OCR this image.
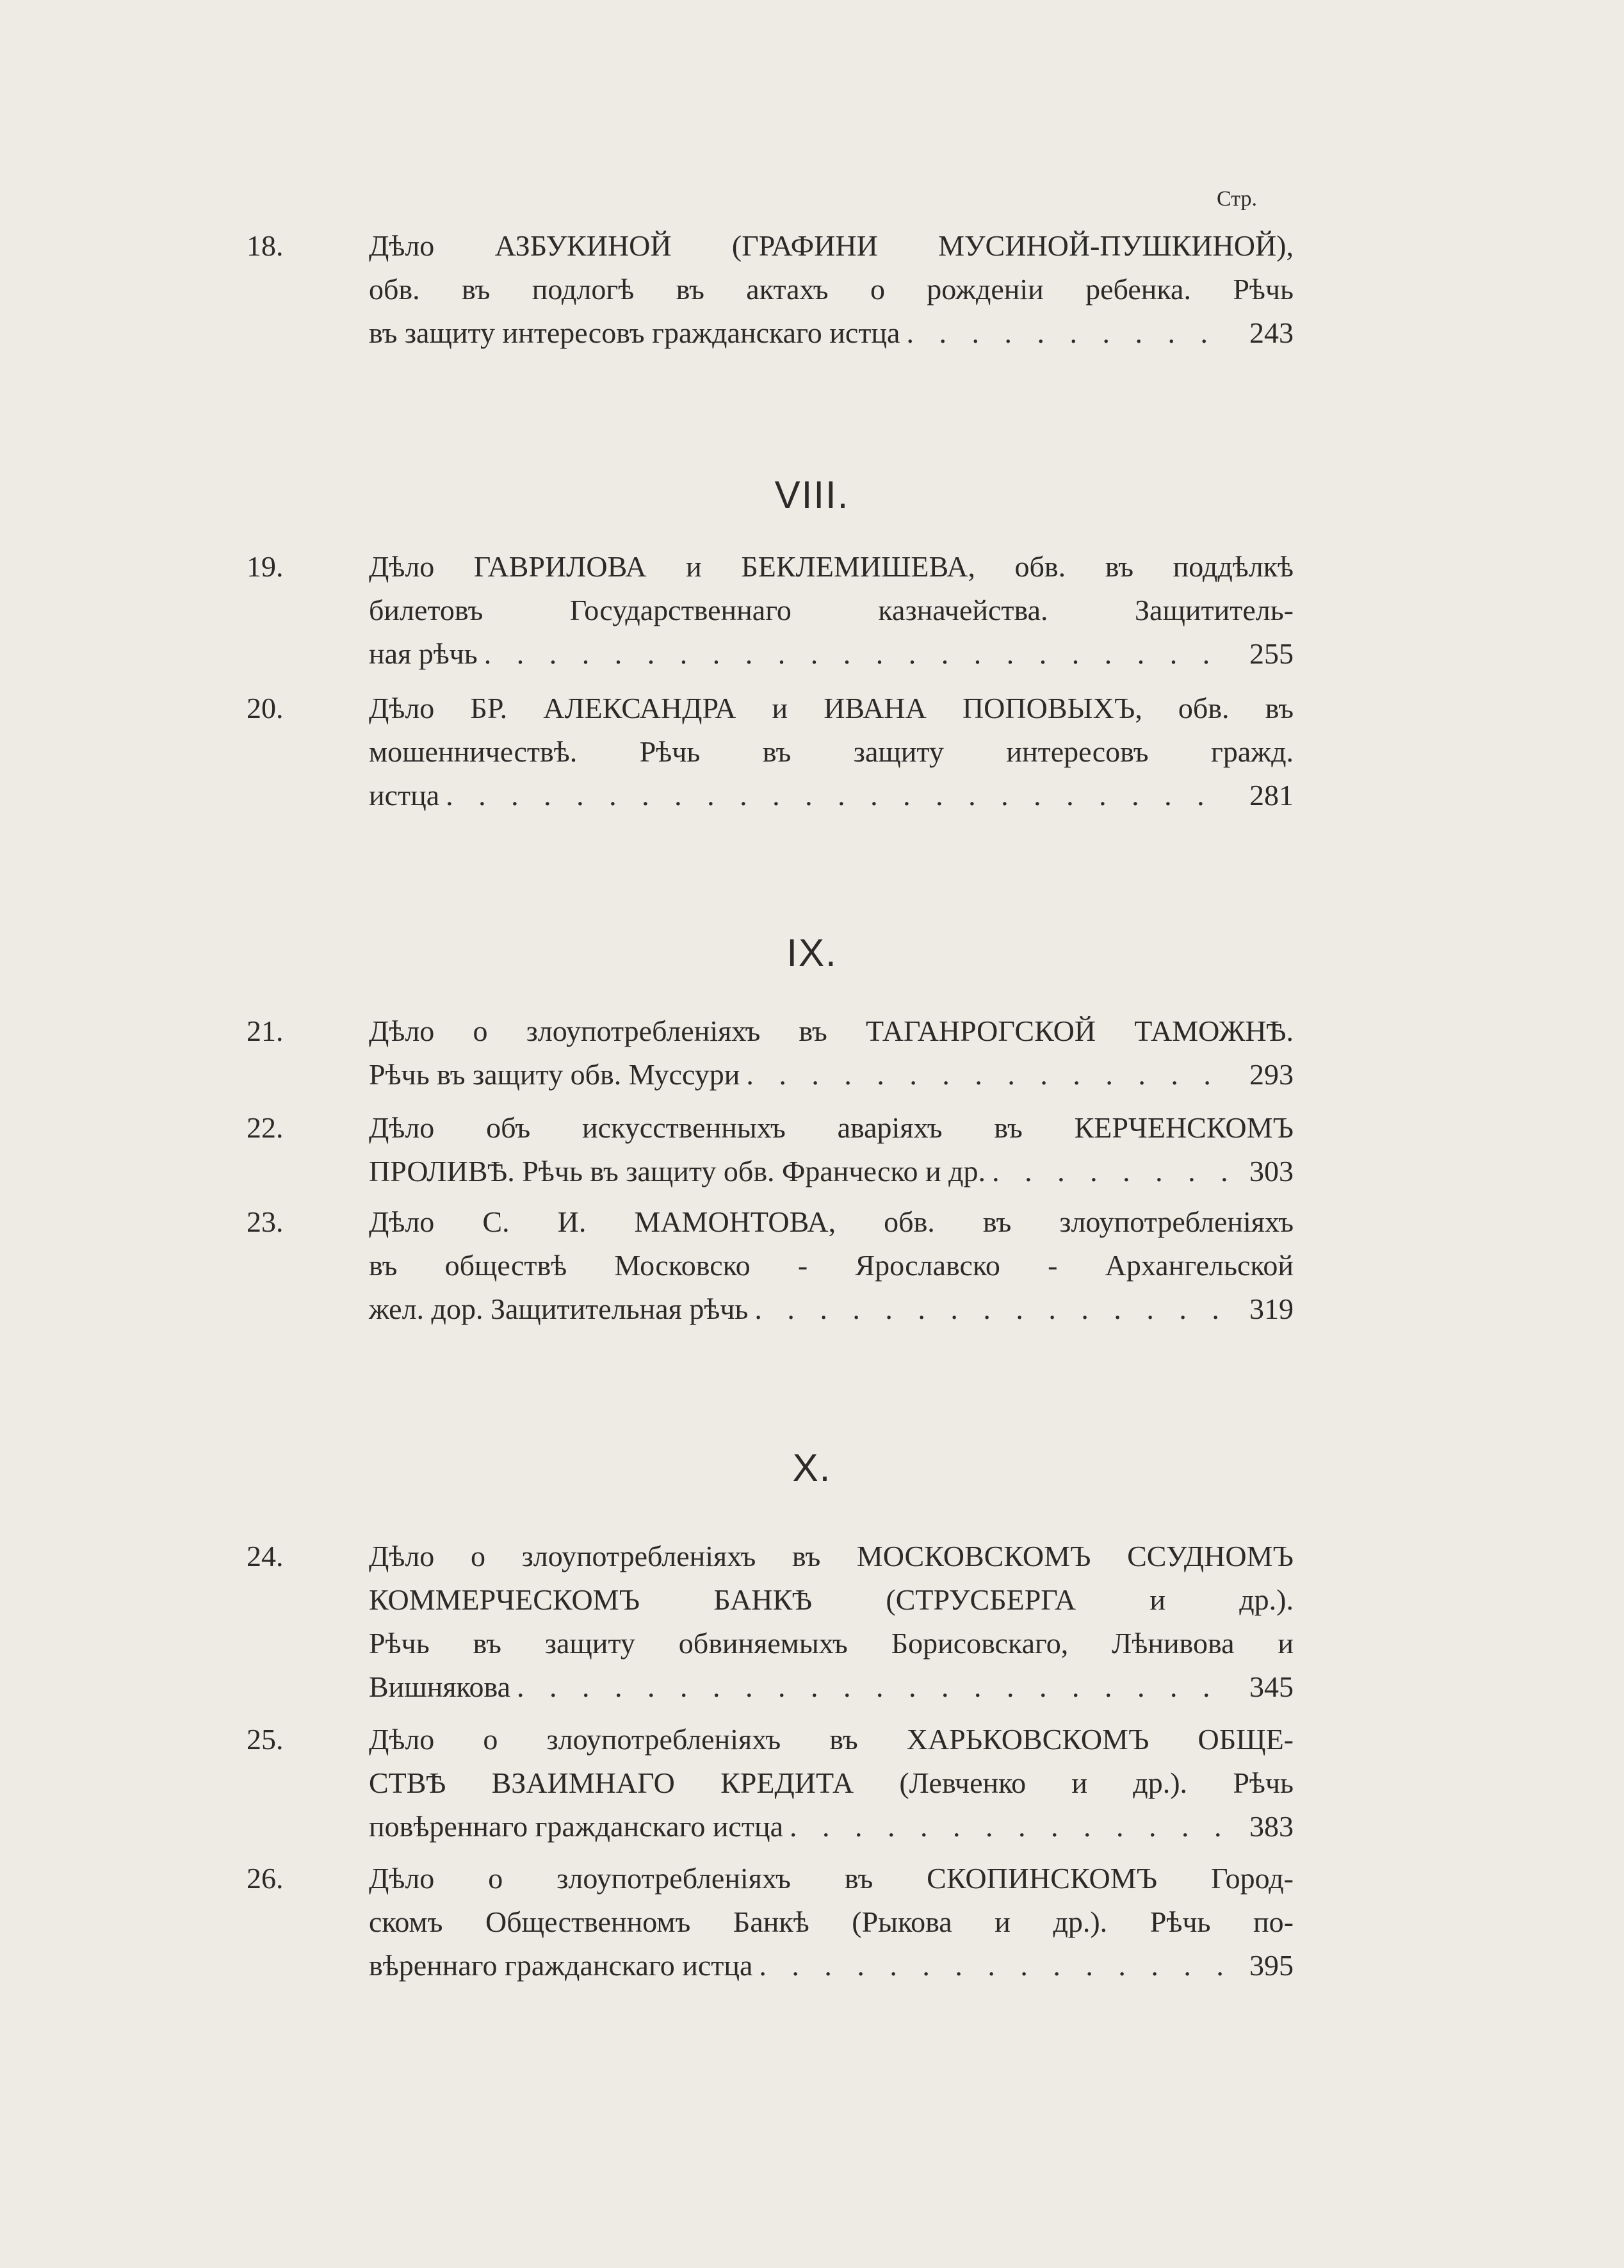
Стр.
18.	Дѣло АЗБУКИНОЙ (ГРАФИНИ МУСИНОЙ-ПУШКИНОЙ),
обв. въ подлогѣ въ актахъ о рожденіи ребенка. Рѣчь
въ защиту интересовъ гражданскаго истца . . .	243
19.	Дѣло ГАВРИЛОВА и БЕКЛЕМИШЕВА, обв. въ поддѣлкѣ
билетовъ Государственнаго казначейства. Защититель-
ная рѣчь . . .	255
20.	Дѣло БР. АЛЕКСАНДРА и ИВАНА ПОПОВЫХЪ, обв. въ
мошенничествѣ. Рѣчь въ защиту интересовъ гражд.
истца . . .	281
21.	Дѣло о злоупотребленіяхъ въ ТАГАНРОГСКОЙ ТАМОЖНѢ.
Рѣчь въ защиту обв. Муссури . . .	293
22.	Дѣло объ искусственныхъ аваріяхъ въ КЕРЧЕНСКОМЪ
ПРОЛИВѢ. Рѣчь въ защиту обв. Франческо и др. . . .	303
23.	Дѣло С. И. МАМОНТОВА, обв. въ злоупотребленіяхъ
въ обществѣ Московско - Ярославско - Архангельской
жел. дор. Защитительная рѣчь . . .	319
24.	Дѣло о злоупотребленіяхъ въ МОСКОВСКОМЪ ССУДНОМЪ
КОММЕРЧЕСКОМЪ БАНКѢ (СТРУСБЕРГА и др.).
Рѣчь въ защиту обвиняемыхъ Борисовскаго, Лѣнивова и
Вишнякова . . .	345
25.	Дѣло о злоупотребленіяхъ въ ХАРЬКОВСКОМЪ ОБЩЕ-
СТВѢ ВЗАИМНАГО КРЕДИТА (Левченко и др.). Рѣчь
повѣреннаго гражданскаго истца . . .	383
26.	Дѣло о злоупотребленіяхъ въ СКОПИНСКОМЪ Город-
скомъ Общественномъ Банкѣ (Рыкова и др.). Рѣчь по-
вѣреннаго гражданскаго истца . . .	395
VIII.
IX.
X.
